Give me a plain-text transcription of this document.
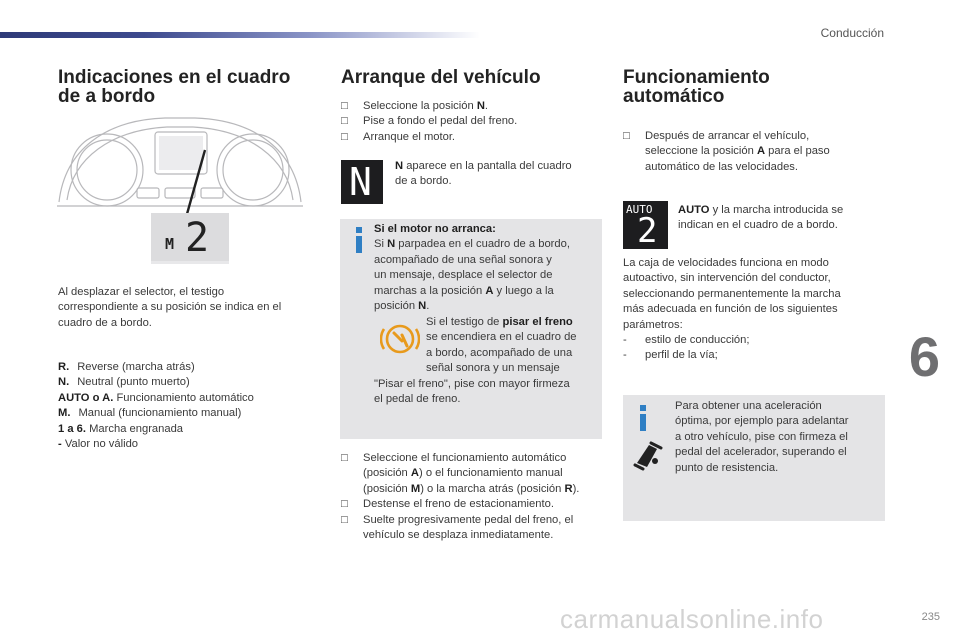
Conducción
Indicaciones en el cuadro
de a bordo
M 2
Al desplazar el selector, el testigo
correspondiente a su posición se indica en el
cuadro de a bordo.
R. Reverse (marcha atrás)
N. Neutral (punto muerto)
AUTO o A. Funcionamiento automático
M. Manual (funcionamiento manual)
1 a 6. Marcha engranada
- Valor no válido
Arranque del vehículo
□	Seleccione la posición N.
□	Pise a fondo el pedal del freno.
□	Arranque el motor.
N N aparece en la pantalla del cuadro
de a bordo.
Si el motor no arranca:
Si N parpadea en el cuadro de a bordo,
acompañado de una señal sonora y
un mensaje, desplace el selector de
marchas a la posición A y luego a la
posición N.
Si el testigo de pisar el freno
se encendiera en el cuadro de
a bordo, acompañado de una
señal sonora y un mensaje
"Pisar el freno", pise con mayor firmeza
el pedal de freno.
□	Seleccione el funcionamiento automático
(posición A) o el funcionamiento manual
(posición M) o la marcha atrás (posición R).
□	Destense el freno de estacionamiento.
□	Suelte progresivamente pedal del freno, el
vehículo se desplaza inmediatamente.
Funcionamiento
automático
□	Después de arrancar el vehículo,
seleccione la posición A para el paso
automático de las velocidades.
AUTO
2
AUTO y la marcha introducida se
indican en el cuadro de a bordo.
La caja de velocidades funciona en modo
autoactivo, sin intervención del conductor,
seleccionando permanentemente la marcha
más adecuada en función de los siguientes
parámetros:
-	estilo de conducción;
-	perfil de la vía;
Para obtener una aceleración
óptima, por ejemplo para adelantar
a otro vehículo, pise con firmeza el
pedal del acelerador, superando el
punto de resistencia.
6
carmanualsonline.info	235
